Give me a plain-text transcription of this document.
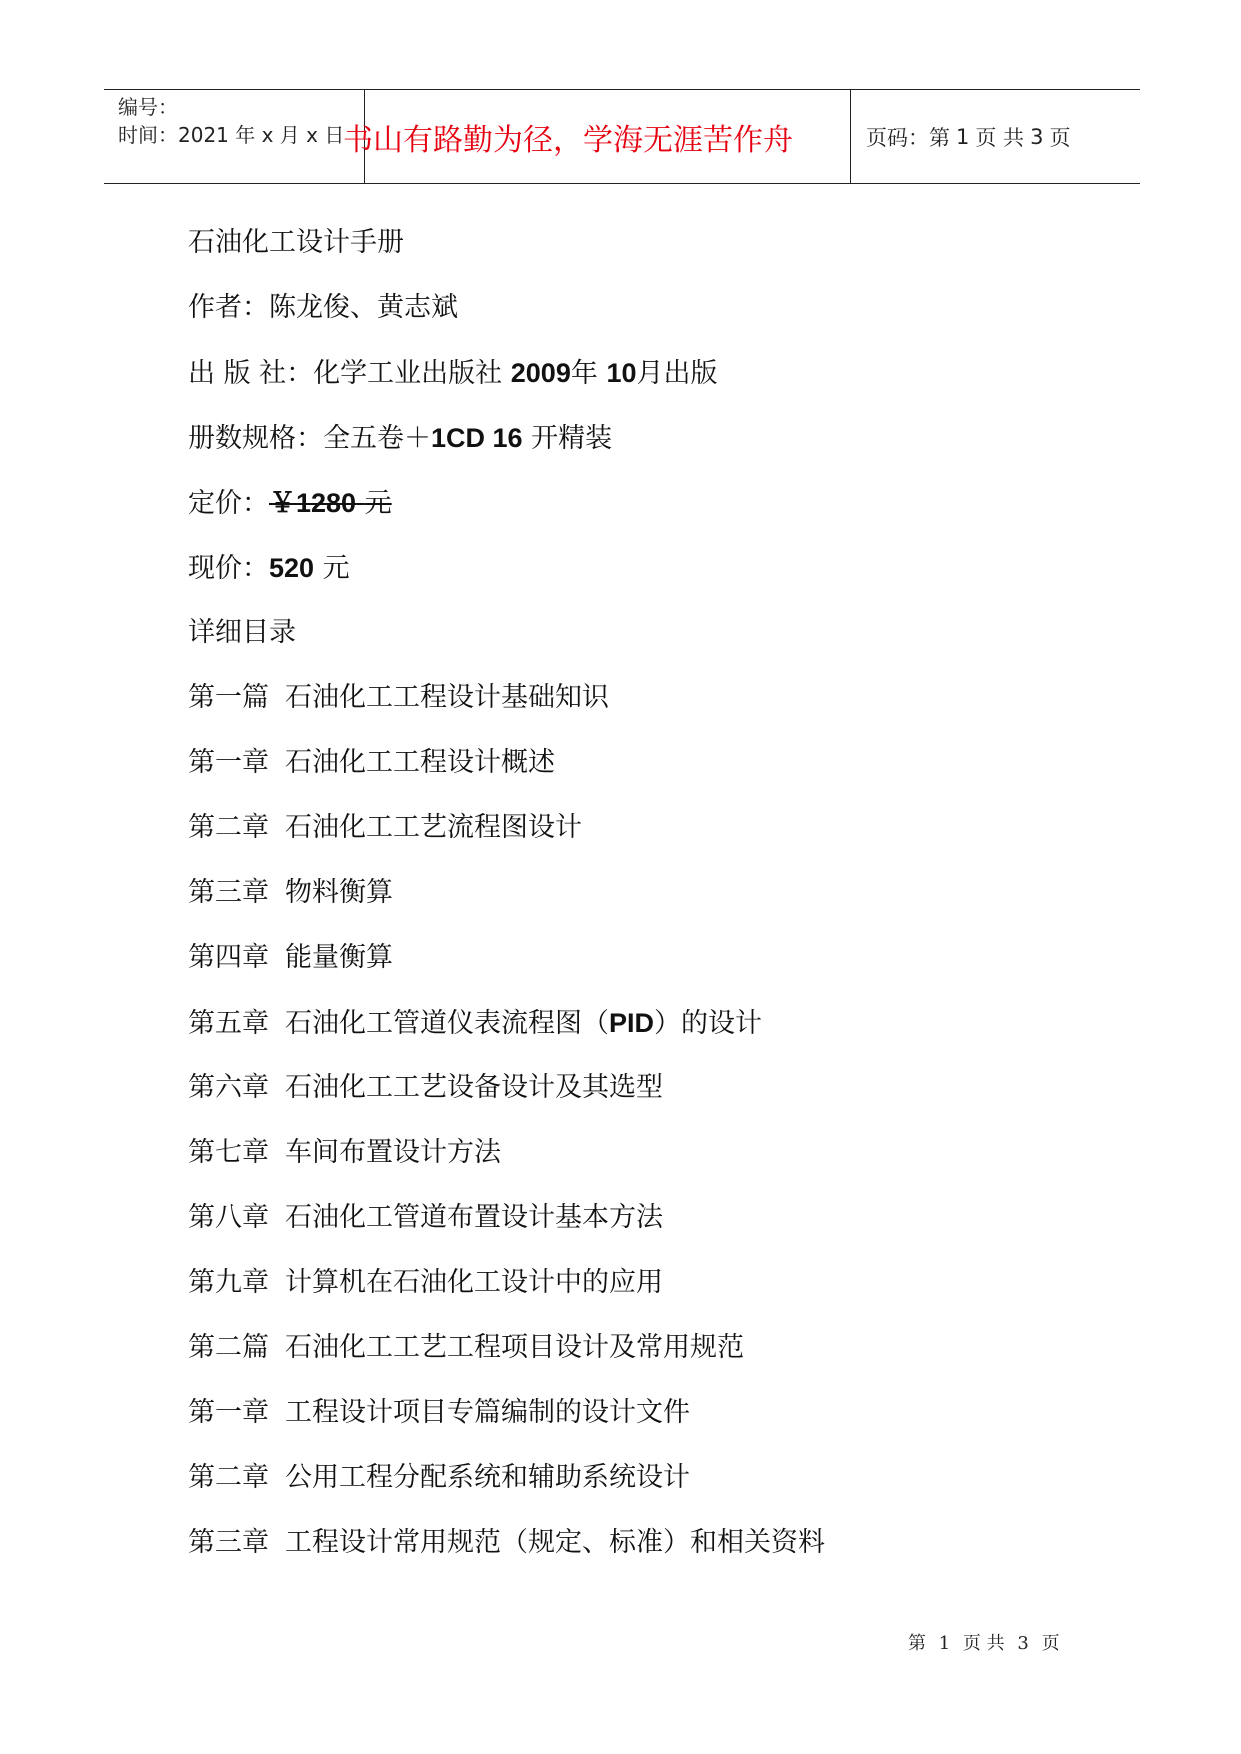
编号：
时间：2021 年 x 月 x 日
书山有路勤为径，学海无涯苦作舟	页码：第 1 页 共 3 页
石油化工设计手册
作者：陈龙俊、黄志斌
出 版 社：化学工业出版社 2009年 10月出版
册数规格：全五卷＋1CD 16 开精装
定价：￥1280 元
现价：520 元
详细目录
第一篇 石油化工工程设计基础知识
第一章 石油化工工程设计概述
第二章 石油化工工艺流程图设计
第三章 物料衡算
第四章 能量衡算
第五章 石油化工管道仪表流程图（PID）的设计
第六章 石油化工工艺设备设计及其选型
第七章 车间布置设计方法
第八章 石油化工管道布置设计基本方法
第九章 计算机在石油化工设计中的应用
第二篇 石油化工工艺工程项目设计及常用规范
第一章 工程设计项目专篇编制的设计文件
第二章 公用工程分配系统和辅助系统设计
第三章 工程设计常用规范（规定、标准）和相关资料
第 1 页 共 3 页
